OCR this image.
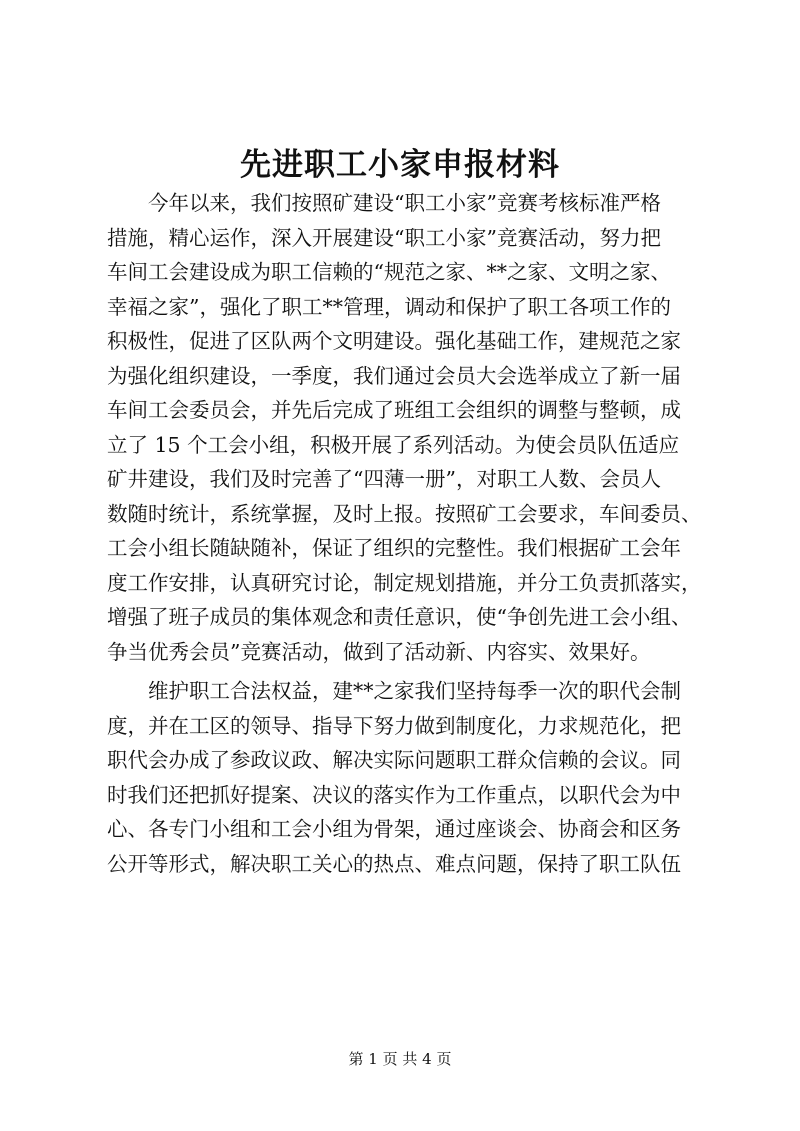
先进职工小家申报材料
今年以来，我们按照矿建设“职工小家”竞赛考核标准严格
措施，精心运作，深入开展建设“职工小家”竞赛活动，努力把
车间工会建设成为职工信赖的“规范之家、**之家、文明之家、
幸福之家”，强化了职工**管理，调动和保护了职工各项工作的
积极性，促进了区队两个文明建设。强化基础工作，建规范之家
为强化组织建设，一季度，我们通过会员大会选举成立了新一届
车间工会委员会，并先后完成了班组工会组织的调整与整顿，成
立了 15 个工会小组，积极开展了系列活动。为使会员队伍适应
矿井建设，我们及时完善了“四薄一册”，对职工人数、会员人
数随时统计，系统掌握，及时上报。按照矿工会要求，车间委员、
工会小组长随缺随补，保证了组织的完整性。我们根据矿工会年
度工作安排，认真研究讨论，制定规划措施，并分工负责抓落实，
增强了班子成员的集体观念和责任意识，使“争创先进工会小组、
争当优秀会员”竞赛活动，做到了活动新、内容实、效果好。
维护职工合法权益，建**之家我们坚持每季一次的职代会制
度，并在工区的领导、指导下努力做到制度化，力求规范化，把
职代会办成了参政议政、解决实际问题职工群众信赖的会议。同
时我们还把抓好提案、决议的落实作为工作重点，以职代会为中
心、各专门小组和工会小组为骨架，通过座谈会、协商会和区务
公开等形式，解决职工关心的热点、难点问题，保持了职工队伍
第 1 页 共 4 页
